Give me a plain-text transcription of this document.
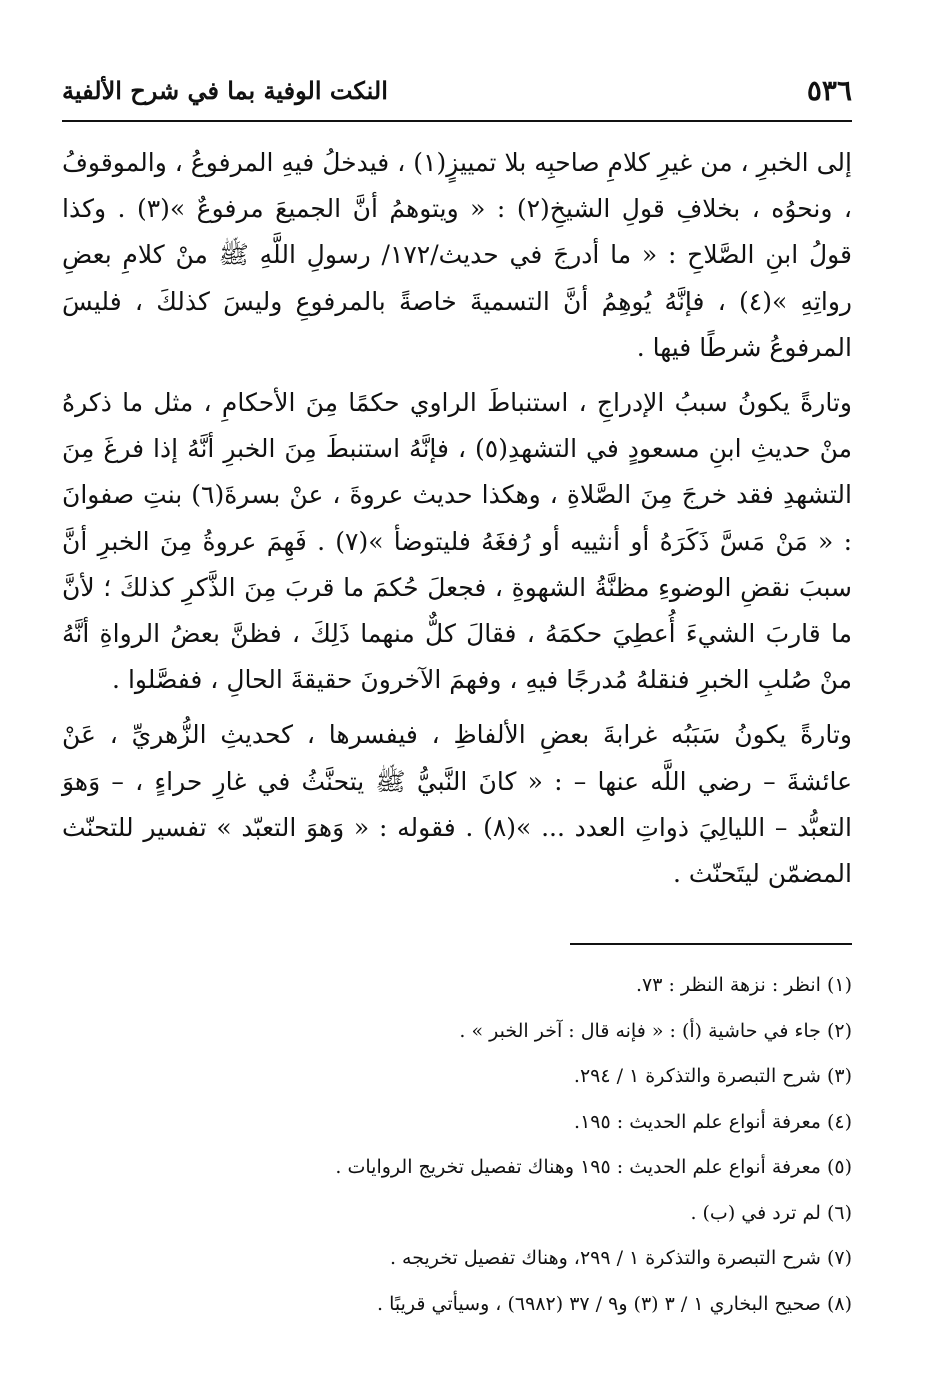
٥٣٦
النكت الوفية بما في شرح الألفية

إلى الخبرِ ، من غيرِ كلامِ صاحبِه بلا تمييزٍ(١) ، فيدخلُ فيهِ المرفوعُ ، والموقوفُ ، ونحوُه ، بخلافِ قولِ الشيخِ(٢) : « ويتوهمُ أنَّ الجميعَ مرفوعٌ »(٣) . وكذا قولُ ابنِ الصَّلاحِ : « ما أدرجَ في حديث/١٧٢/ رسولِ اللَّهِ ﷺ منْ كلامِ بعضِ رواتِهِ »(٤) ، فإنَّهُ يُوهِمُ أنَّ التسميةَ خاصةً بالمرفوعِ وليسَ كذلكَ ، فليسَ المرفوعُ شرطًا فيها .

وتارةً يكونُ سببُ الإدراجِ ، استنباطَ الراوي حكمًا مِنَ الأحكامِ ، مثل ما ذكرهُ منْ حديثِ ابنِ مسعودٍ في التشهدِ(٥) ، فإنَّهُ استنبطَ مِنَ الخبرِ أنَّهُ إذا فرغَ مِنَ التشهدِ فقد خرجَ مِنَ الصَّلاةِ ، وهكذا حديث عروةَ ، عنْ بسرةَ(٦) بنتِ صفوانَ : « مَنْ مَسَّ ذَكَرَهُ أو أنثييه أو رُفغَهُ فليتوضأ »(٧) . فَهِمَ عروةُ مِنَ الخبرِ أنَّ سببَ نقضِ الوضوءِ مظنَّةُ الشهوةِ ، فجعلَ حُكمَ ما قربَ مِنَ الذَّكرِ كذلكَ ؛ لأنَّ ما قاربَ الشيءَ أُعطِيَ حكمَهُ ، فقالَ كلٌّ منهما ذَلِكَ ، فظنَّ بعضُ الرواةِ أنَّهُ منْ صُلبِ الخبرِ فنقلهُ مُدرجًا فيهِ ، وفهمَ الآخرونَ حقيقةَ الحالِ ، ففصَّلوا .

وتارةً يكونُ سَبَبُه غرابةَ بعضِ الألفاظِ ، فيفسرها ، كحديثِ الزُّهريِّ ، عَنْ عائشةَ – رضي اللَّه عنها – : « كانَ النَّبيُّ ﷺ يتحنَّثُ في غارِ حراءٍ ، – وَهوَ التعبُّد – الليالِيَ ذواتِ العدد ... »(٨) . فقوله : « وَهوَ التعبّد » تفسير للتحنّث المضمّن ليتَحنّث .

(١)انظر : نزهة النظر : ٧٣.
(٢)جاء في حاشية (أ) : « فإنه قال : آخر الخبر » .
(٣)شرح التبصرة والتذكرة ١ / ٢٩٤.
(٤)معرفة أنواع علم الحديث : ١٩٥.
(٥)معرفة أنواع علم الحديث : ١٩٥ وهناك تفصيل تخريج الروايات .
(٦)لم ترد في (ب) .
(٧)شرح التبصرة والتذكرة ١ / ٢٩٩، وهناك تفصيل تخريجه .
(٨)صحيح البخاري ١ / ٣ (٣) و٩ / ٣٧ (٦٩٨٢) ، وسيأتي قريبًا .
